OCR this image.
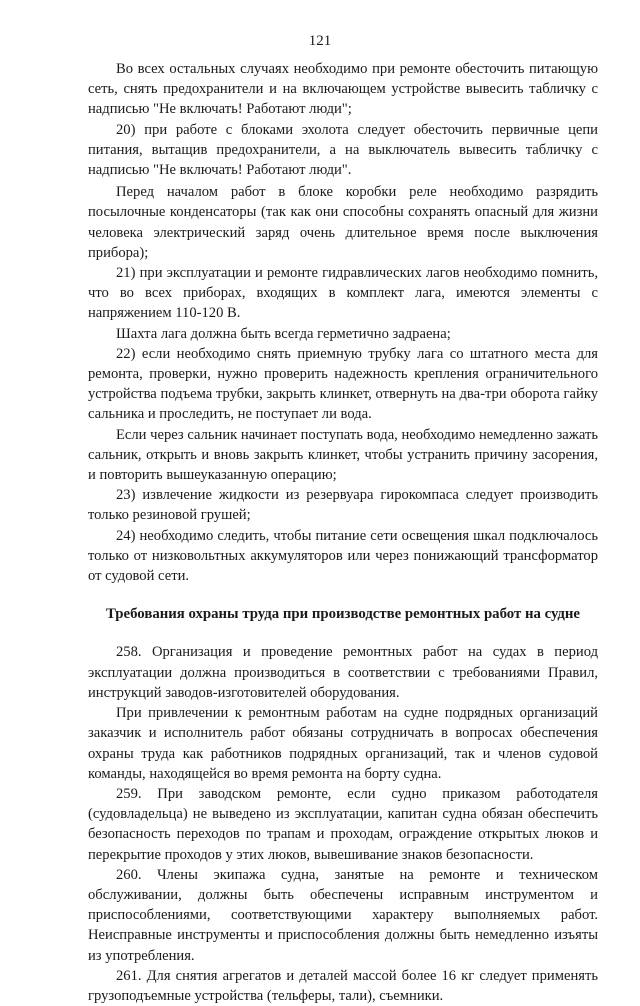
121

Во всех остальных случаях необходимо при ремонте обесточить питающую сеть, снять предохранители и на включающем устройстве вывесить табличку с надписью "Не включать! Работают люди";

20) при работе с блоками эхолота следует обесточить первичные цепи питания, вытащив предохранители, а на выключатель вывесить табличку с надписью "Не включать! Работают люди".

Перед началом работ в блоке коробки реле необходимо разрядить посылочные конденсаторы (так как они способны сохранять опасный для жизни человека электрический заряд очень длительное время после выключения прибора);

21) при эксплуатации и ремонте гидравлических лагов необходимо помнить, что во всех приборах, входящих в комплект лага, имеются элементы с напряжением 110-120 В.

Шахта лага должна быть всегда герметично задраена;

22) если необходимо снять приемную трубку лага со штатного места для ремонта, проверки, нужно проверить надежность крепления ограничительного устройства подъема трубки, закрыть клинкет, отвернуть на два-три оборота гайку сальника и проследить, не поступает ли вода.

Если через сальник начинает поступать вода, необходимо немедленно зажать сальник, открыть и вновь закрыть клинкет, чтобы устранить причину засорения, и повторить вышеуказанную операцию;

23) извлечение жидкости из резервуара гирокомпаса следует производить только резиновой грушей;

24) необходимо следить, чтобы питание сети освещения шкал подключалось только от низковольтных аккумуляторов или через понижающий трансформатор от судовой сети.

Требования охраны труда при производстве ремонтных работ на судне

258. Организация и проведение ремонтных работ на судах в период эксплуатации должна производиться в соответствии с требованиями Правил, инструкций заводов-изготовителей оборудования.

При привлечении к ремонтным работам на судне подрядных организаций заказчик и исполнитель работ обязаны сотрудничать в вопросах обеспечения охраны труда как работников подрядных организаций, так и членов судовой команды, находящейся во время ремонта на борту судна.

259. При заводском ремонте, если судно приказом работодателя (судовладельца) не выведено из эксплуатации, капитан судна обязан обеспечить безопасность переходов по трапам и проходам, ограждение открытых люков и перекрытие проходов у этих люков, вывешивание знаков безопасности.

260. Члены экипажа судна, занятые на ремонте и техническом обслуживании, должны быть обеспечены исправным инструментом и приспособлениями, соответствующими характеру выполняемых работ. Неисправные инструменты и приспособления должны быть немедленно изъяты из употребления.

261. Для снятия агрегатов и деталей массой более 16 кг следует применять грузоподъемные устройства (тельферы, тали), съемники.
